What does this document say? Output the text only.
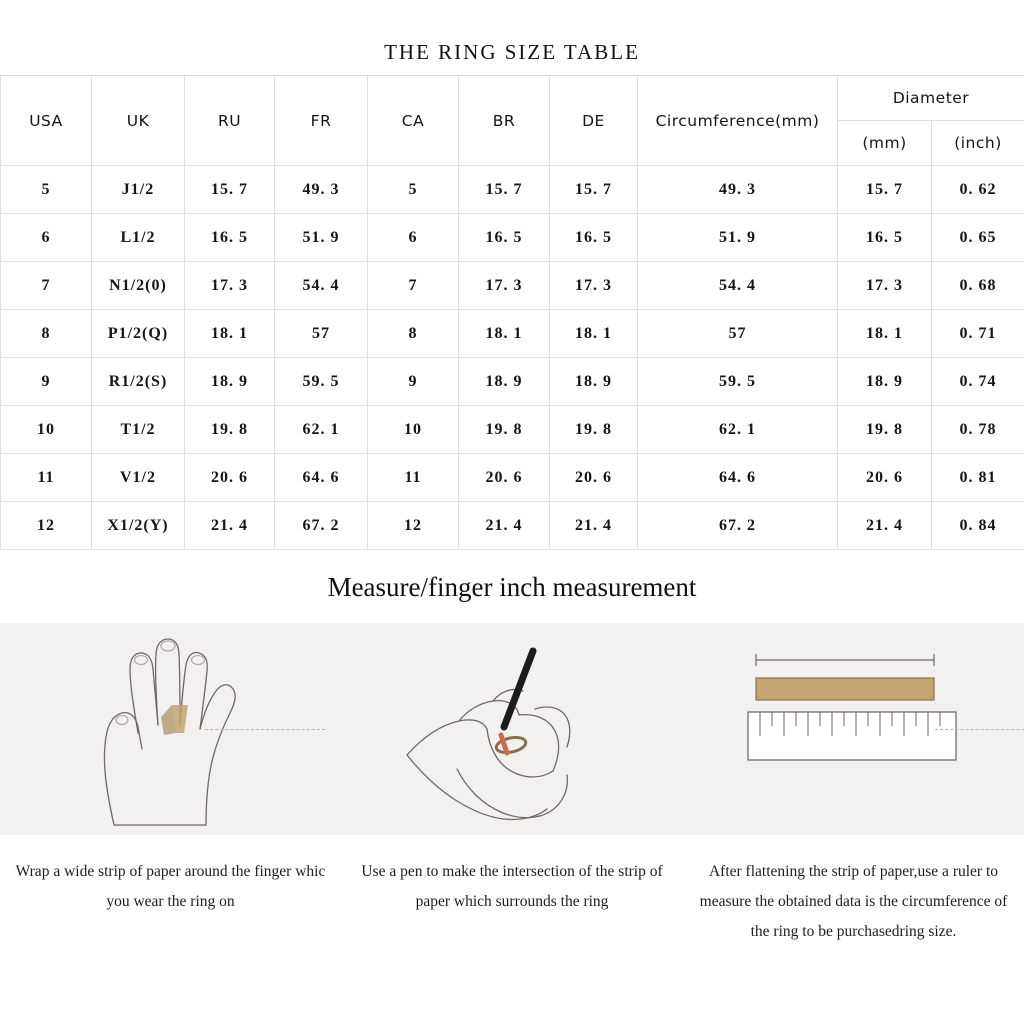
THE RING SIZE TABLE
USA	UK	RU	FR	CA	BR	DE	Circumference(mm)	Diameter	
								(mm)	(inch)
5	J1/2	15. 7	49. 3	5	15. 7	15. 7	49. 3	15. 7	0. 62
6	L1/2	16. 5	51. 9	6	16. 5	16. 5	51. 9	16. 5	0. 65
7	N1/2(0)	17. 3	54. 4	7	17. 3	17. 3	54. 4	17. 3	0. 68
8	P1/2(Q)	18. 1	57	8	18. 1	18. 1	57	18. 1	0. 71
9	R1/2(S)	18. 9	59. 5	9	18. 9	18. 9	59. 5	18. 9	0. 74
10	T1/2	19. 8	62. 1	10	19. 8	19. 8	62. 1	19. 8	0. 78
11	V1/2	20. 6	64. 6	11	20. 6	20. 6	64. 6	20. 6	0. 81
12	X1/2(Y)	21. 4	67. 2	12	21. 4	21. 4	67. 2	21. 4	0. 84
Measure/finger inch measurement
Wrap a wide strip of paper around the finger whic you wear the ring on
Use a pen to make the intersection of the strip of paper which surrounds the ring
After flattening the strip of paper,use a ruler to measure the obtained data is the circumference of the ring to be purchasedring size.
